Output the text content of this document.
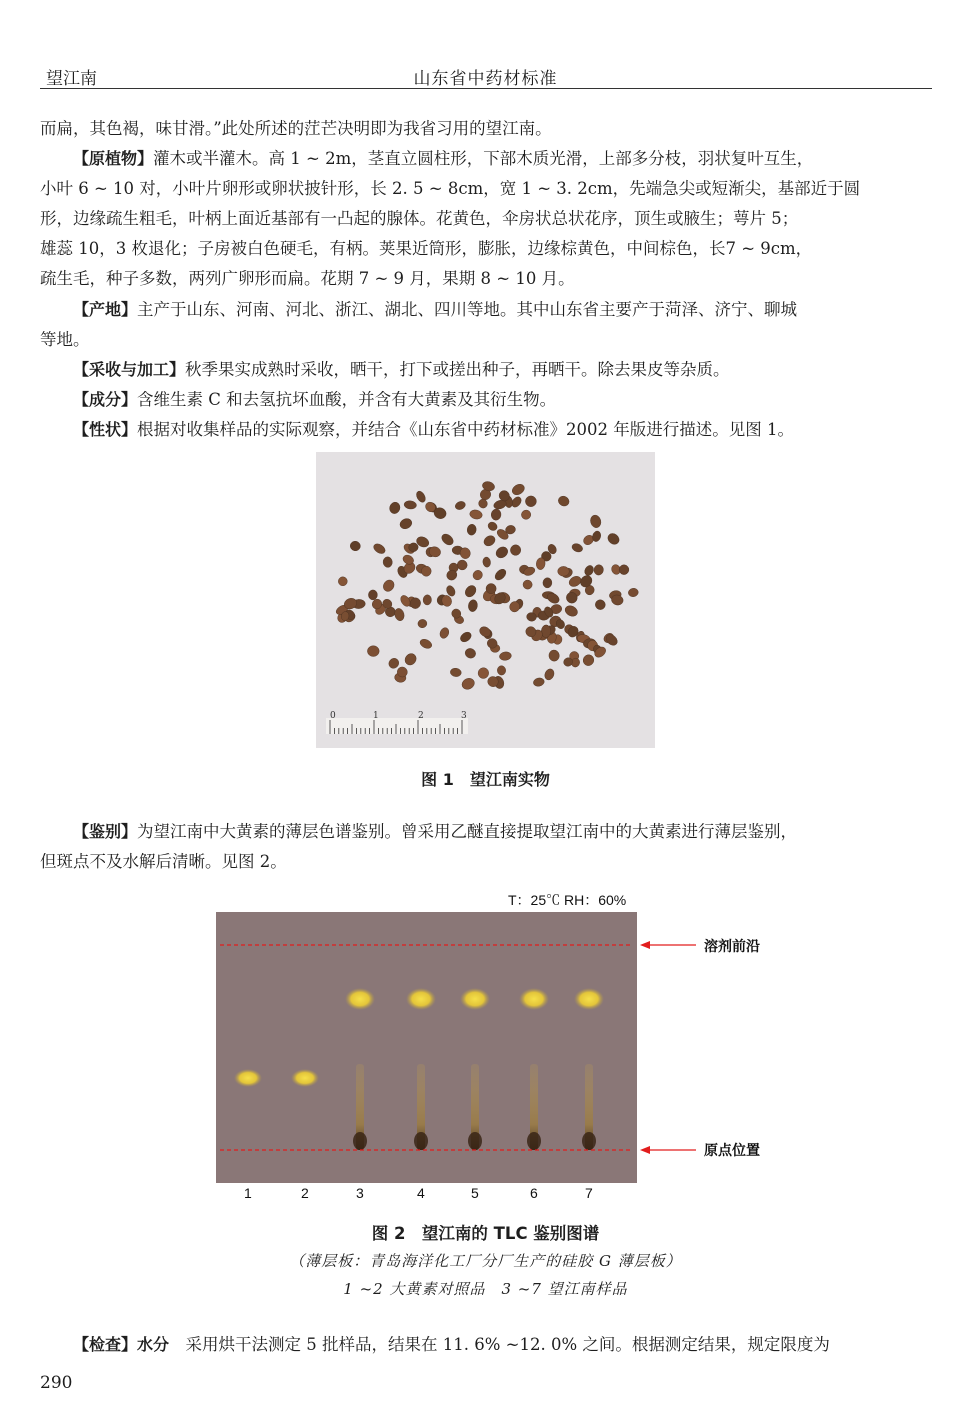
望江南	山东省中药材标准
而扁，其色褐，味甘滑。”此处所述的茳芒决明即为我省习用的望江南。
【原植物】灌木或半灌木。高 1 ~ 2m，茎直立圆柱形，下部木质光滑，上部多分枝，羽状复叶互生，
小叶 6 ~ 10 对，小叶片卵形或卵状披针形，长 2. 5 ~ 8cm，宽 1 ~ 3. 2cm，先端急尖或短渐尖，基部近于圆
形，边缘疏生粗毛，叶柄上面近基部有一凸起的腺体。花黄色，伞房状总状花序，顶生或腋生；萼片 5；
雄蕊 10，3 枚退化；子房被白色硬毛，有柄。荚果近筒形，膨胀，边缘棕黄色，中间棕色，长7 ~ 9cm，
疏生毛，种子多数，两列广卵形而扁。花期 7 ~ 9 月，果期 8 ~ 10 月。
【产地】主产于山东、河南、河北、浙江、湖北、四川等地。其中山东省主要产于菏泽、济宁、聊城
等地。
【采收与加工】秋季果实成熟时采收，晒干，打下或搓出种子，再晒干。除去果皮等杂质。
【成分】含维生素 C 和去氢抗坏血酸，并含有大黄素及其衍生物。
【性状】根据对收集样品的实际观察，并结合《山东省中药材标准》2002 年版进行描述。见图 1。
0	1	2	3
图 1　望江南实物
【鉴别】为望江南中大黄素的薄层色谱鉴别。曾采用乙醚直接提取望江南中的大黄素进行薄层鉴别，
但斑点不及水解后清晰。见图 2。
T：25℃ RH：60%
溶剂前沿
原点位置
1	2	3	4	5	6	7
图 2　望江南的 TLC 鉴别图谱
（薄层板：青岛海洋化工厂分厂生产的硅胶 G 薄层板）
1 ~2 大黄素对照品　3 ~7 望江南样品
【检查】水分　 采用烘干法测定 5 批样品，结果在 11. 6% ~12. 0% 之间。根据测定结果，规定限度为
290
